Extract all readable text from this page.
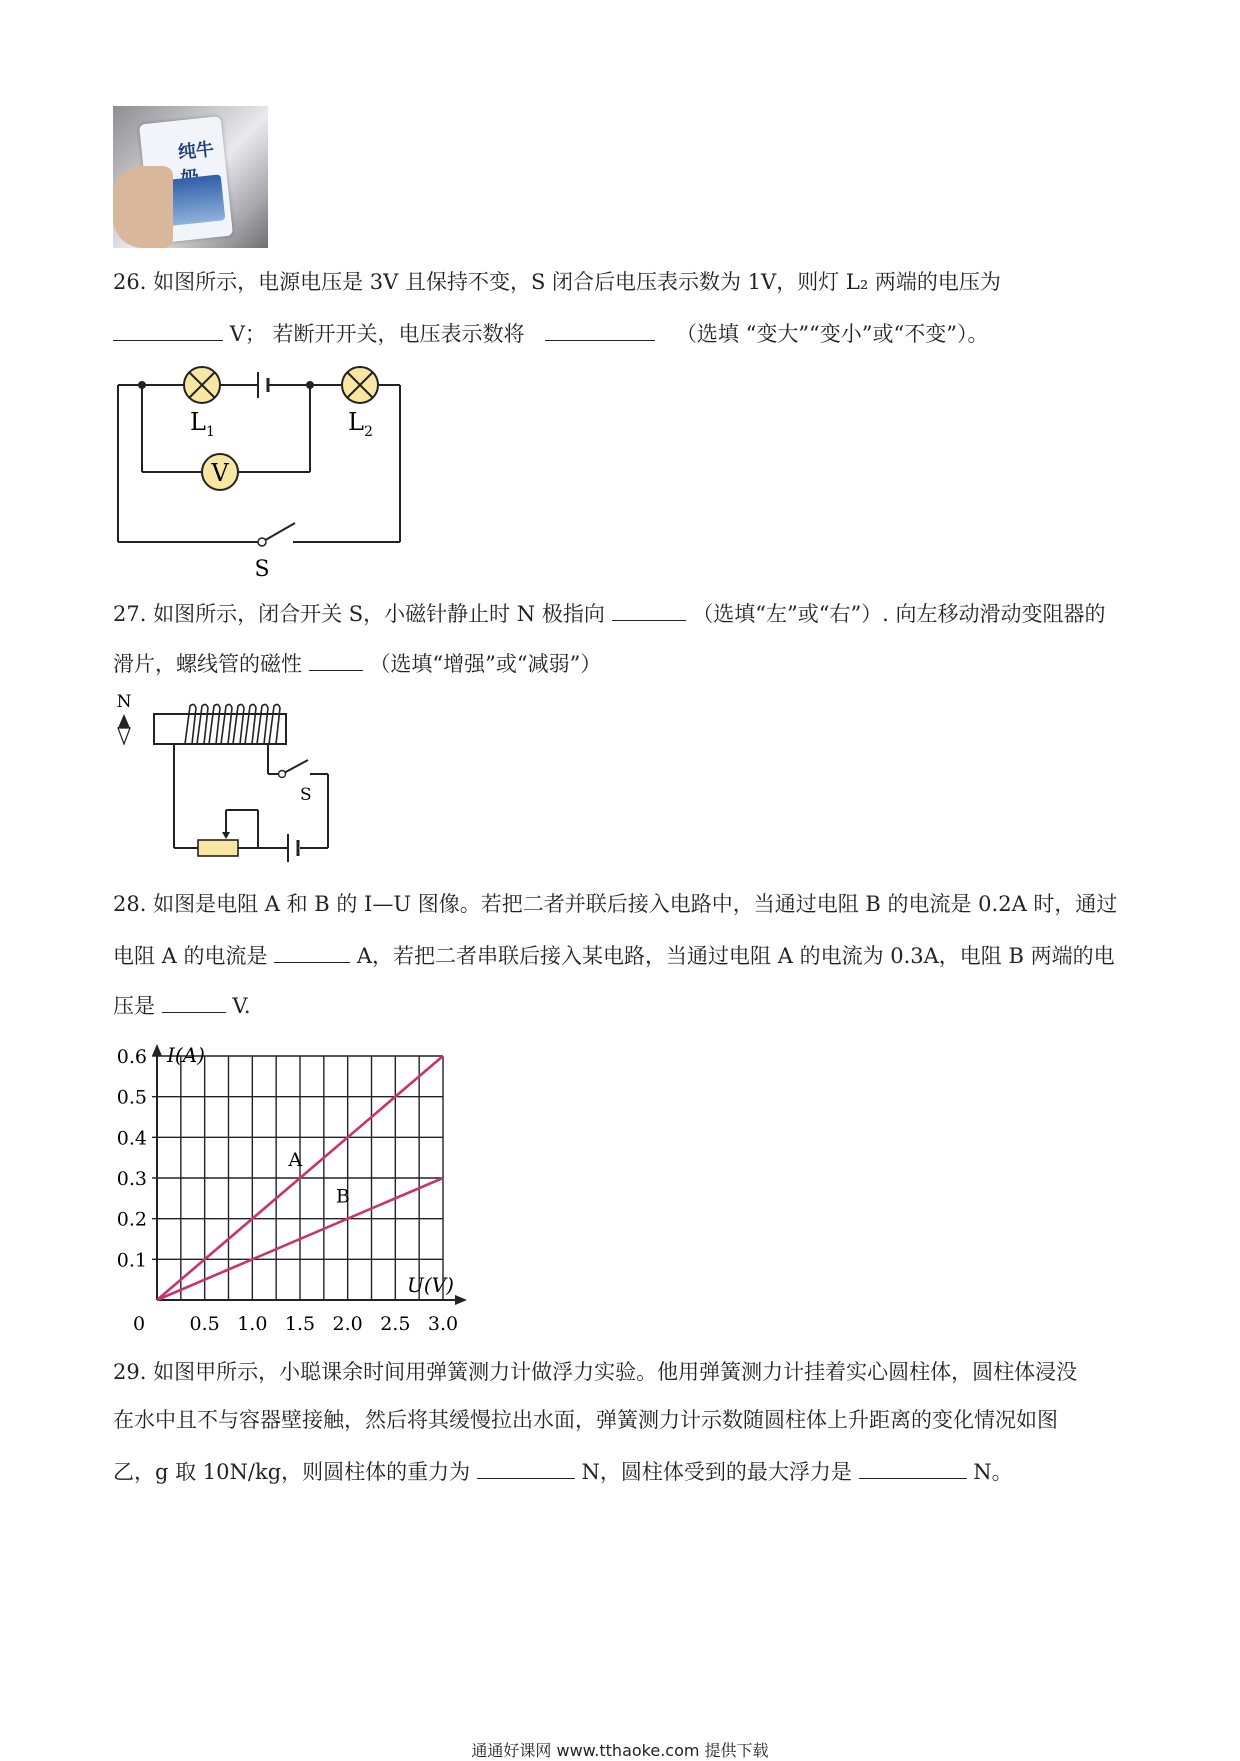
纯牛奶
26. 如图所示，电源电压是 3V 且保持不变，S 闭合后电压表示数为 1V，则灯 L₂ 两端的电压为
V； 若断开开关，电压表示数将	（选填 “变大”“变小”或“不变”）。
V
$L_1$	$L_2$
S
27. 如图所示，闭合开关 S，小磁针静止时 N 极指向	（选填“左”或“右”）. 向左移动滑动变阻器的
滑片，螺线管的磁性	（选填“增强”或“减弱”）
N
S
28. 如图是电阻 A 和 B 的 I—U 图像。若把二者并联后接入电路中，当通过电阻 B 的电流是 0.2A 时，通过
电阻 A 的电流是	A，若把二者串联后接入某电路，当通过电阻 A 的电流为 0.3A，电阻 B 两端的电
压是	V.
I(A)
U(V)
0 0.5 1.0 1.5 2.0 2.5 3.0
0.1
0.2
0.3
0.4
0.5
0.6
A
B
29. 如图甲所示，小聪课余时间用弹簧测力计做浮力实验。他用弹簧测力计挂着实心圆柱体，圆柱体浸没
在水中且不与容器壁接触，然后将其缓慢拉出水面，弹簧测力计示数随圆柱体上升距离的变化情况如图
乙，g 取 10N/kg，则圆柱体的重力为	N，圆柱体受到的最大浮力是	N。
通通好课网 www.tthaoke.com 提供下载
